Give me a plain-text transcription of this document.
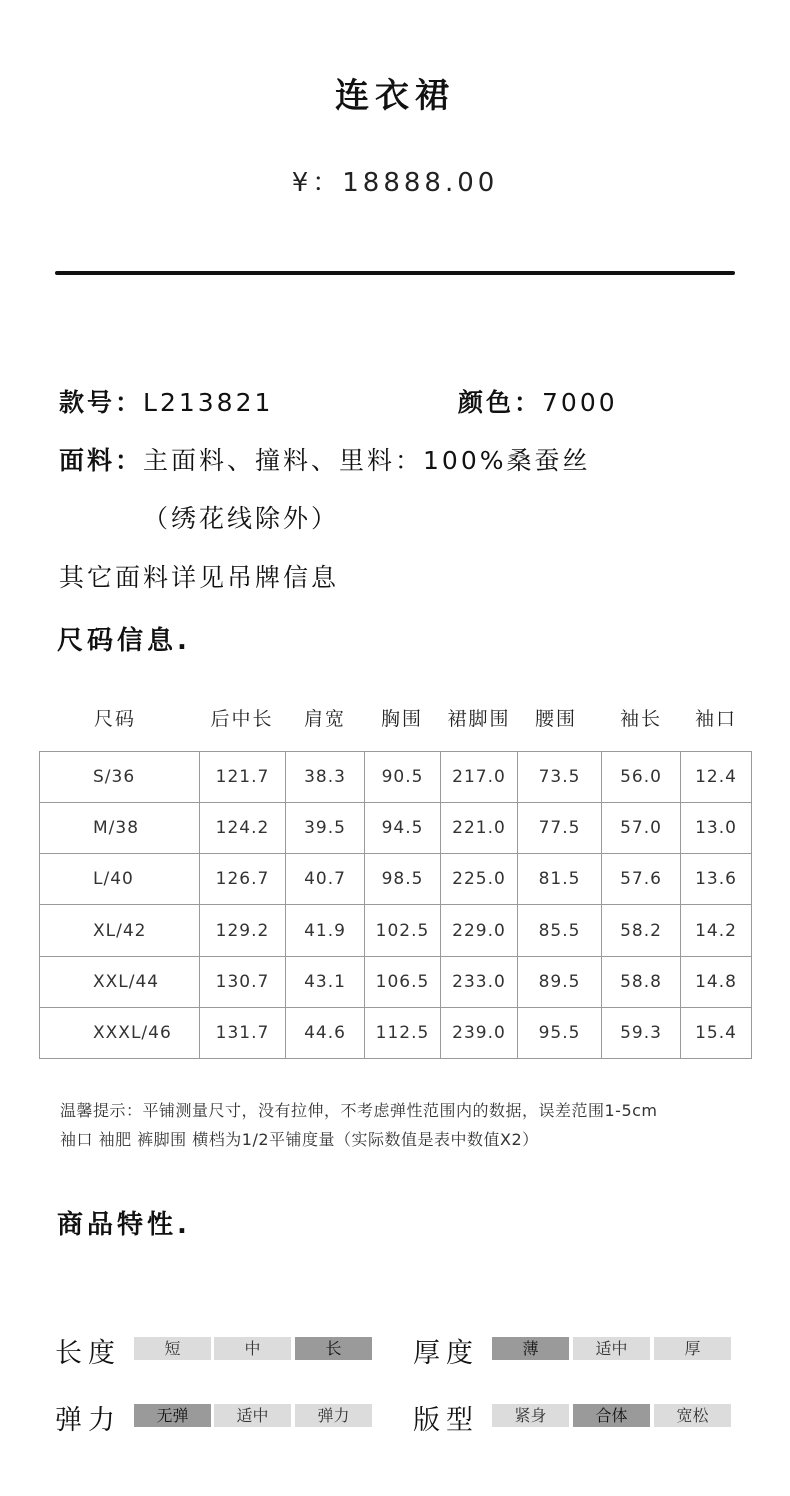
连衣裙
¥：18888.00
款号：L213821	颜色：7000
面料：主面料、撞料、里料：100%桑蚕丝
（绣花线除外）
其它面料详见吊牌信息
尺码信息.
尺码	后中长	肩宽	胸围	裙脚围	腰围	袖长	袖口
S/36	121.7	38.3	90.5	217.0	73.5	56.0	12.4
M/38	124.2	39.5	94.5	221.0	77.5	57.0	13.0
L/40	126.7	40.7	98.5	225.0	81.5	57.6	13.6
XL/42	129.2	41.9	102.5	229.0	85.5	58.2	14.2
XXL/44	130.7	43.1	106.5	233.0	89.5	58.8	14.8
XXXL/46	131.7	44.6	112.5	239.0	95.5	59.3	15.4
温馨提示：平铺测量尺寸，没有拉伸，不考虑弹性范围内的数据，误差范围1-5cm
袖口 袖肥 裤脚围 横档为1/2平铺度量（实际数值是表中数值X2）
商品特性.
长度	短	中	长	厚度	薄	适中	厚
弹力	无弹	适中	弹力	版型	紧身	合体	宽松
